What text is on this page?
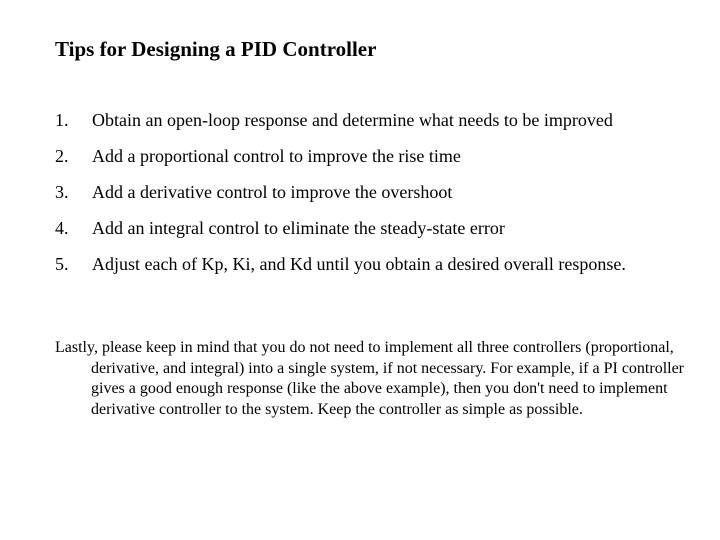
Tips for Designing a PID Controller
1. Obtain an open-loop response and determine what needs to be improved
2. Add a proportional control to improve the rise time
3. Add a derivative control to improve the overshoot
4. Add an integral control to eliminate the steady-state error
5. Adjust each of Kp, Ki, and Kd until you obtain a desired overall response.

Lastly, please keep in mind that you do not need to implement all three controllers (proportional, derivative, and integral) into a single system, if not necessary. For example, if a PI controller gives a good enough response (like the above example), then you don't need to implement derivative controller to the system. Keep the controller as simple as possible.
